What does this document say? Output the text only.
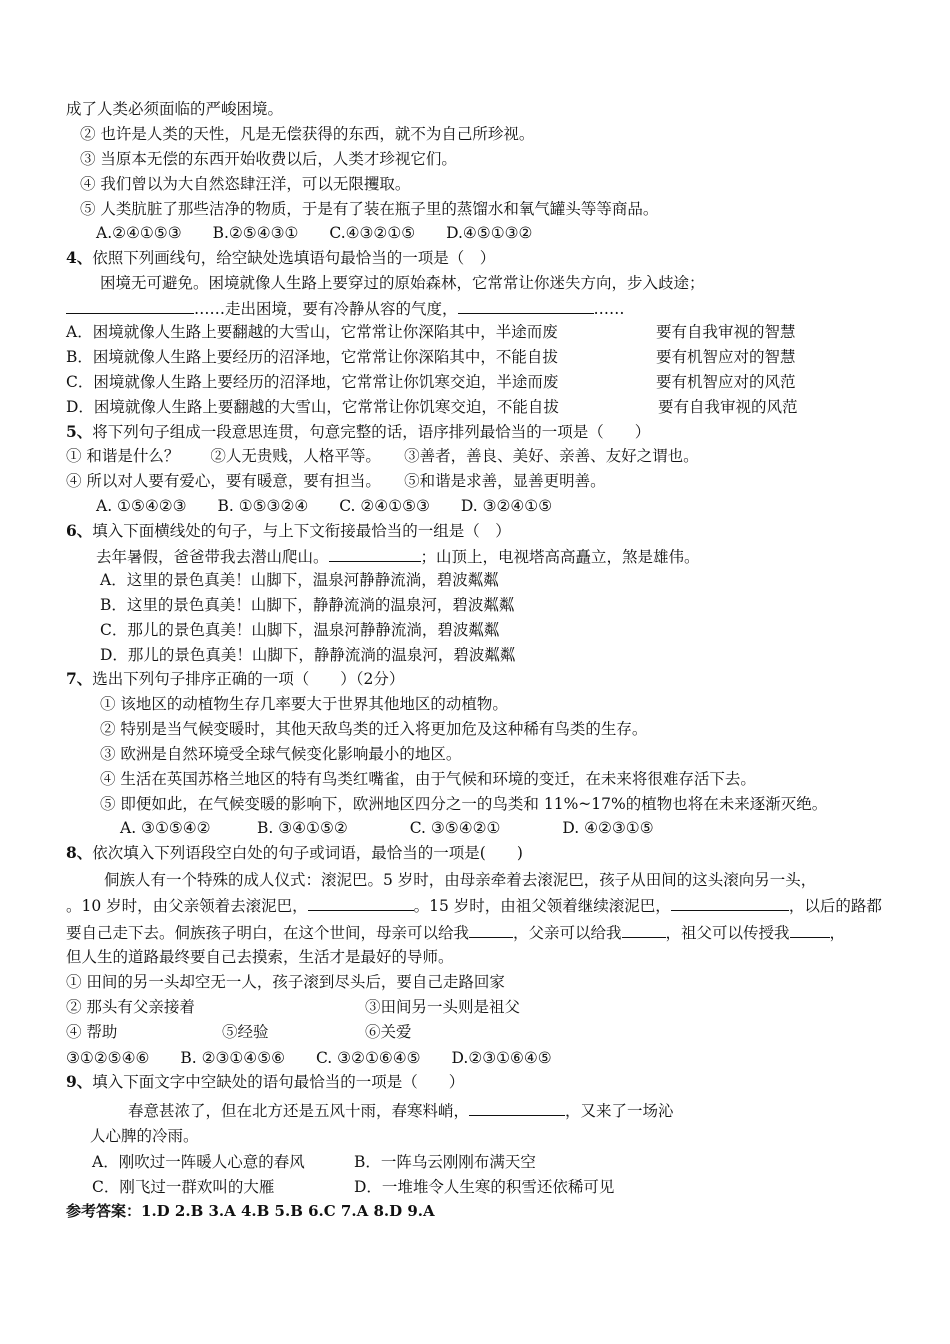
成了人类必须面临的严峻困境。
② 也许是人类的天性，凡是无偿获得的东西，就不为自己所珍视。
③ 当原本无偿的东西开始收费以后，人类才珍视它们。
④ 我们曾以为大自然恣肆汪洋，可以无限攫取。
⑤ 人类肮脏了那些洁净的物质，于是有了装在瓶子里的蒸馏水和氧气罐头等等商品。
A.②④①⑤③　　B.②⑤④③①　　C.④③②①⑤　　D.④⑤①③②
4、依照下列画线句，给空缺处选填语句最恰当的一项是（　）
困境无可避免。困境就像人生路上要穿过的原始森林，它常常让你迷失方向，步入歧途；
……走出困境，要有冷静从容的气度，	……
A．困境就像人生路上要翻越的大雪山，它常常让你深陷其中，半途而废	要有自我审视的智慧
B．困境就像人生路上要经历的沼泽地，它常常让你深陷其中，不能自拔	要有机智应对的智慧
C．困境就像人生路上要经历的沼泽地，它常常让你饥寒交迫，半途而废	要有机智应对的风范
D．困境就像人生路上要翻越的大雪山，它常常让你饥寒交迫，不能自拔	要有自我审视的风范
5、将下列句子组成一段意思连贯，句意完整的话，语序排列最恰当的一项是（　　）
① 和谐是什么？　　②人无贵贱，人格平等。　　③善者，善良、美好、亲善、友好之谓也。
④ 所以对人要有爱心，要有暖意，要有担当。　　⑤和谐是求善，显善更明善。
A. ①⑤④②③　　B. ①⑤③②④　　C. ②④①⑤③　　D. ③②④①⑤
6、填入下面横线处的句子，与上下文衔接最恰当的一组是（　）
去年暑假，爸爸带我去潜山爬山。	；山顶上，电视塔高高矗立，煞是雄伟。
A．这里的景色真美！山脚下，温泉河静静流淌，碧波粼粼
B．这里的景色真美！山脚下，静静流淌的温泉河，碧波粼粼
C．那儿的景色真美！山脚下，温泉河静静流淌，碧波粼粼
D．那儿的景色真美！山脚下，静静流淌的温泉河，碧波粼粼
7、选出下列句子排序正确的一项（　　）（2分）
① 该地区的动植物生存几率要大于世界其他地区的动植物。
② 特别是当气候变暖时，其他天敌鸟类的迁入将更加危及这种稀有鸟类的生存。
③ 欧洲是自然环境受全球气候变化影响最小的地区。
④ 生活在英国苏格兰地区的特有鸟类红嘴雀，由于气候和环境的变迁，在未来将很难存活下去。
⑤ 即便如此，在气候变暖的影响下，欧洲地区四分之一的鸟类和 11%~17%的植物也将在未来逐渐灭绝。
A. ③①⑤④②　　　B. ③④①⑤②　　　　C. ③⑤④②①　　　　D. ④②③①⑤
8、依次填入下列语段空白处的句子或词语，最恰当的一项是(　　)
侗族人有一个特殊的成人仪式：滚泥巴。5 岁时，由母亲牵着去滚泥巴，孩子从田间的这头滚向另一头，
。10 岁时，由父亲领着去滚泥巴，	。15 岁时，由祖父领着继续滚泥巴，	，以后的路都
要自己走下去。侗族孩子明白，在这个世间，母亲可以给我	，父亲可以给我	，祖父可以传授我	，
但人生的道路最终要自己去摸索，生活才是最好的导师。
① 田间的另一头却空无一人，孩子滚到尽头后，要自己走路回家
② 那头有父亲接着	③田间另一头则是祖父
④ 帮助	⑤经验	⑥关爱
③①②⑤④⑥　　B. ②③①④⑤⑥　　C. ③②①⑥④⑤　　D.②③①⑥④⑤
9、填入下面文字中空缺处的语句最恰当的一项是（　　）
春意甚浓了，但在北方还是五风十雨，春寒料峭，	，又来了一场沁
人心脾的冷雨。
A．刚吹过一阵暖人心意的春风	B．一阵乌云刚刚布满天空
C．刚飞过一群欢叫的大雁	D．一堆堆令人生寒的积雪还依稀可见
参考答案：1.D 2.B 3.A 4.B 5.B 6.C 7.A 8.D 9.A
